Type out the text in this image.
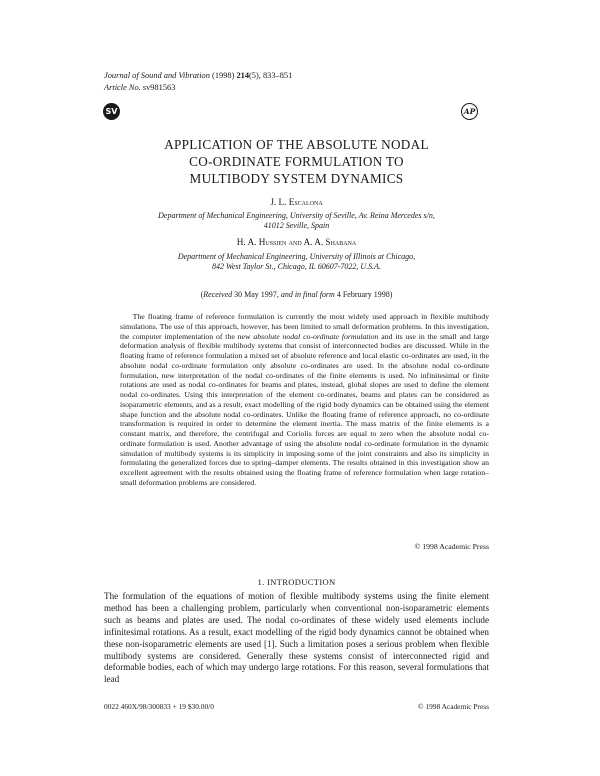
Journal of Sound and Vibration (1998) 214(5), 833–851
Article No. sv981563
SV	AP
APPLICATION OF THE ABSOLUTE NODAL
CO-ORDINATE FORMULATION TO
MULTIBODY SYSTEM DYNAMICS
J. L. Escalona
Department of Mechanical Engineering, University of Seville, Av. Reina Mercedes s/n,
41012 Seville, Spain
H. A. Hussien and A. A. Shabana
Department of Mechanical Engineering, University of Illinois at Chicago,
842 West Taylor St., Chicago, IL 60607-7022, U.S.A.
(Received 30 May 1997, and in final form 4 February 1998)
The floating frame of reference formulation is currently the most widely used approach in flexible multibody simulations. The use of this approach, however, has been limited to small deformation problems. In this investigation, the computer implementation of the new absolute nodal co-ordinate formulation and its use in the small and large deformation analysis of flexible multibody systems that consist of interconnected bodies are discussed. While in the floating frame of reference formulation a mixed set of absolute reference and local elastic co-ordinates are used, in the absolute nodal co-ordinate formulation only absolute co-ordinates are used. In the absolute nodal co-ordinate formulation, new interpretation of the nodal co-ordinates of the finite elements is used. No infinitesimal or finite rotations are used as nodal co-ordinates for beams and plates, instead, global slopes are used to define the element nodal co-ordinates. Using this interpretation of the element co-ordinates, beams and plates can be considered as isoparametric elements, and as a result, exact modelling of the rigid body dynamics can be obtained using the element shape function and the absolute nodal co-ordinates. Unlike the floating frame of reference approach, no co-ordinate transformation is required in order to determine the element inertia. The mass matrix of the finite elements is a constant matrix, and therefore, the centrifugal and Coriolis forces are equal to zero when the absolute nodal co-ordinate formulation is used. Another advantage of using the absolute nodal co-ordinate formulation in the dynamic simulation of multibody systems is its simplicity in imposing some of the joint constraints and also its simplicity in formulating the generalized forces due to spring–damper elements. The results obtained in this investigation show an excellent agreement with the results obtained using the floating frame of reference formulation when large rotation–small deformation problems are considered.
© 1998 Academic Press
1. INTRODUCTION
The formulation of the equations of motion of flexible multibody systems using the finite element method has been a challenging problem, particularly when conventional non-isoparametric elements such as beams and plates are used. The nodal co-ordinates of these widely used elements include infinitesimal rotations. As a result, exact modelling of the rigid body dynamics cannot be obtained when these non-isoparametric elements are used [1]. Such a limitation poses a serious problem when flexible multibody systems are considered. Generally these systems consist of interconnected rigid and deformable bodies, each of which may undergo large rotations. For this reason, several formulations that lead
0022 460X/98/300833 + 19 $30.00/0	© 1998 Academic Press
